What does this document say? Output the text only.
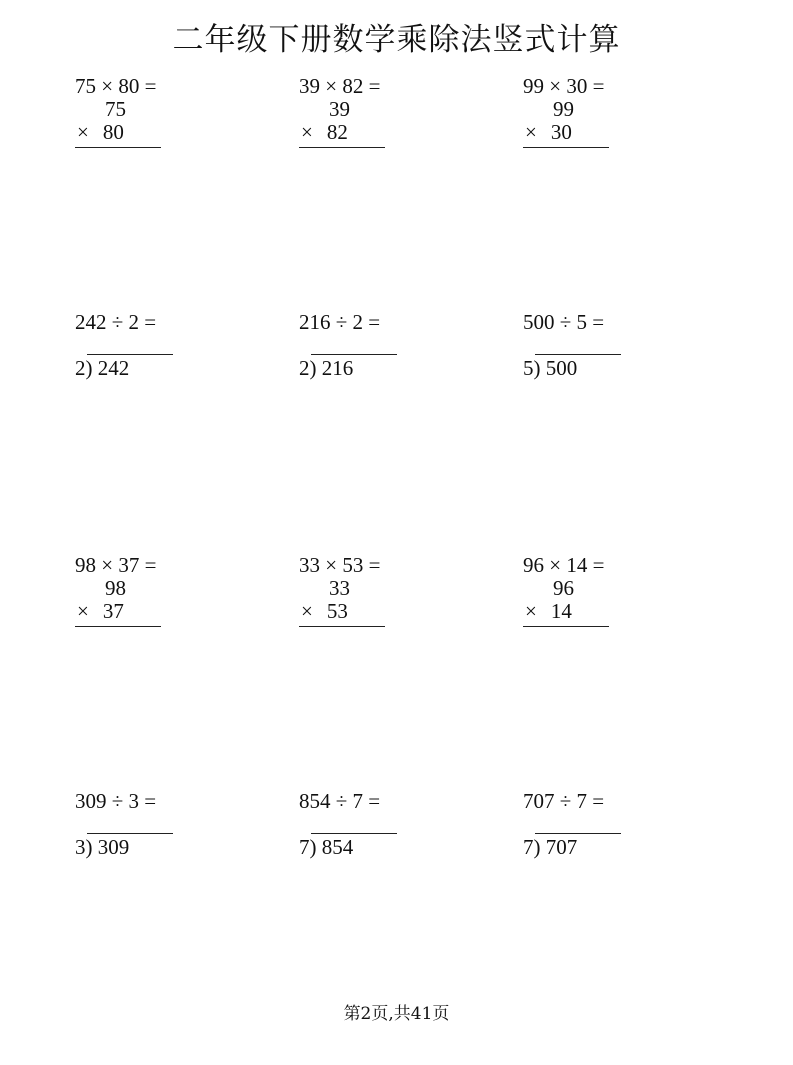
二年级下册数学乘除法竖式计算
75 × 80 =
75
× 80
39 × 82 =
39
× 82
99 × 30 =
99
× 30
242 ÷ 2 =
2) 242
216 ÷ 2 =
2) 216
500 ÷ 5 =
5) 500
98 × 37 =
98
× 37
33 × 53 =
33
× 53
96 × 14 =
96
× 14
309 ÷ 3 =
3) 309
854 ÷ 7 =
7) 854
707 ÷ 7 =
7) 707
第2页,共41页
